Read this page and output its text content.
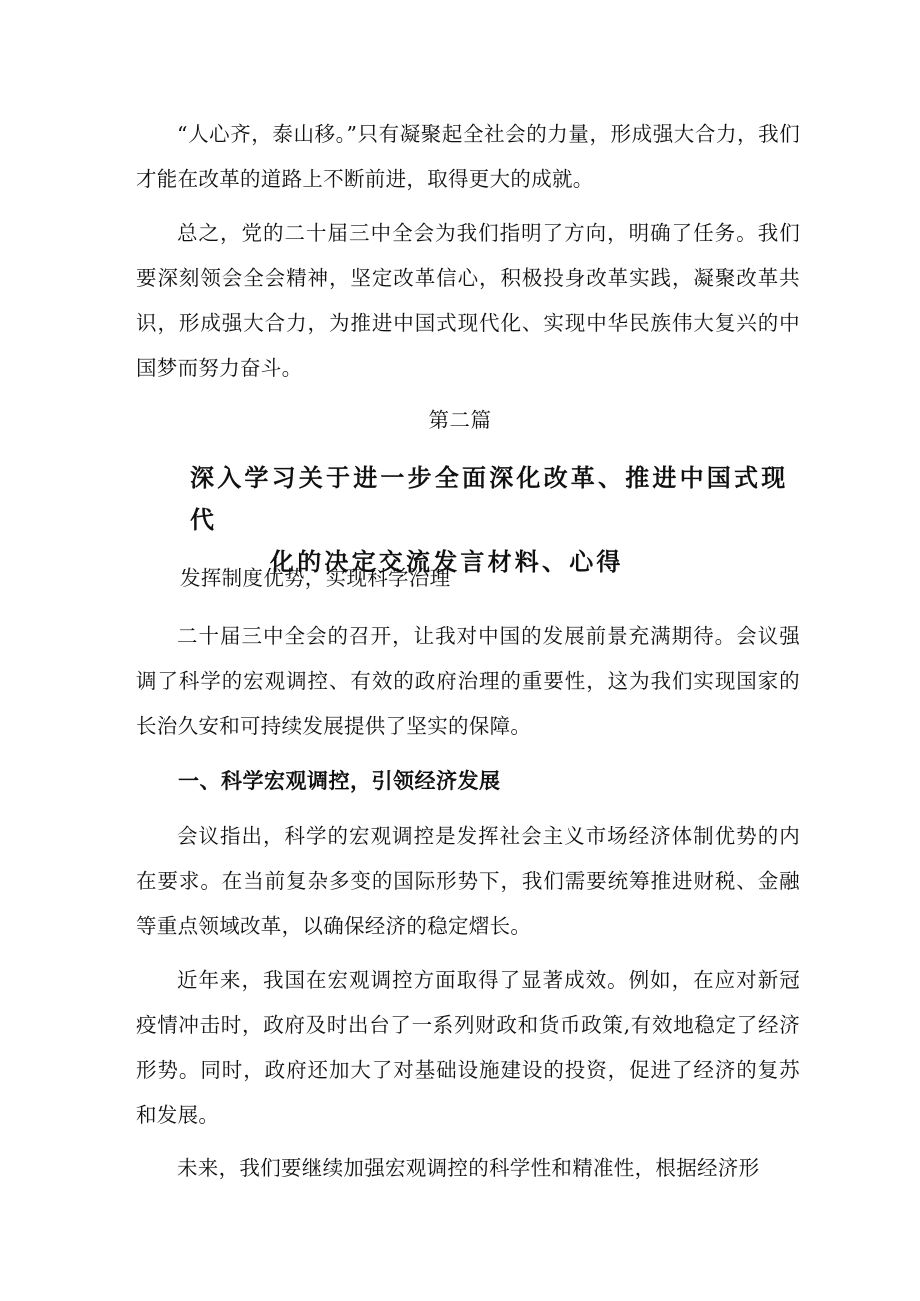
“人心齐，泰山移。”只有凝聚起全社会的力量，形成强大合力，我们才能在改革的道路上不断前进，取得更大的成就。

总之，党的二十届三中全会为我们指明了方向，明确了任务。我们要深刻领会全会精神，坚定改革信心，积极投身改革实践，凝聚改革共识，形成强大合力，为推进中国式现代化、实现中华民族伟大复兴的中国梦而努力奋斗。

第二篇

深入学习关于进一步全面深化改革、推进中国式现代
化的决定交流发言材料、心得

发挥制度优势，实现科学治理

二十届三中全会的召开，让我对中国的发展前景充满期待。会议强调了科学的宏观调控、有效的政府治理的重要性，这为我们实现国家的长治久安和可持续发展提供了坚实的保障。

一、科学宏观调控，引领经济发展

会议指出，科学的宏观调控是发挥社会主义市场经济体制优势的内在要求。在当前复杂多变的国际形势下，我们需要统筹推进财税、金融等重点领域改革，以确保经济的稳定熠长。

近年来，我国在宏观调控方面取得了显著成效。例如，在应对新冠疫情冲击时，政府及时出台了一系列财政和货币政策,有效地稳定了经济形势。同时，政府还加大了对基础设施建设的投资，促进了经济的复苏和发展。

未来，我们要继续加强宏观调控的科学性和精准性，根据经济形
